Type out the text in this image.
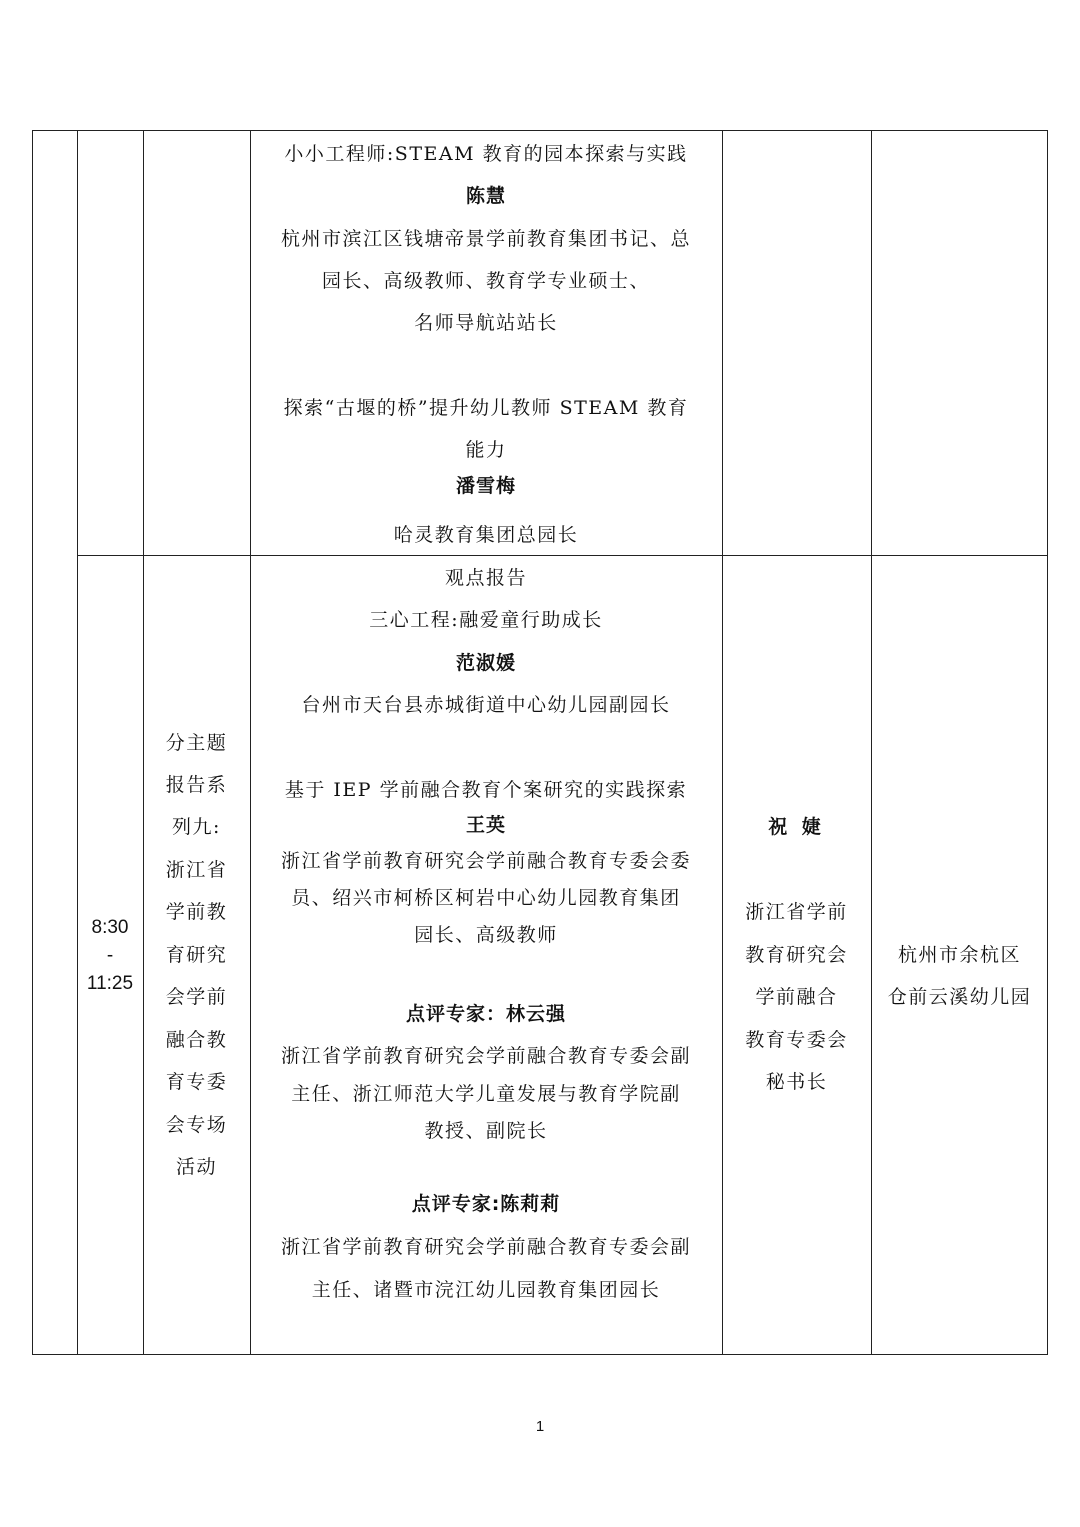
小小工程师:STEAM 教育的园本探索与实践
陈慧
杭州市滨江区钱塘帝景学前教育集团书记、总
园长、高级教师、教育学专业硕士、
名师导航站站长
探索“古堰的桥”提升幼儿教师 STEAM 教育
能力
潘雪梅
哈灵教育集团总园长
8:30
-
11:25
分主题
报告系
列九:
浙江省
学前教
育研究
会学前
融合教
育专委
会专场
活动
观点报告
三心工程:融爱童行助成长
范淑媛
台州市天台县赤城街道中心幼儿园副园长
基于 IEP 学前融合教育个案研究的实践探索
王英
浙江省学前教育研究会学前融合教育专委会委
员、绍兴市柯桥区柯岩中心幼儿园教育集团
园长、高级教师
点评专家：林云强
浙江省学前教育研究会学前融合教育专委会副
主任、浙江师范大学儿童发展与教育学院副
教授、副院长
点评专家:陈莉莉
浙江省学前教育研究会学前融合教育专委会副
主任、诸暨市浣江幼儿园教育集团园长
祝 婕
浙江省学前
教育研究会
学前融合
教育专委会
秘书长
杭州市余杭区
仓前云溪幼儿园
1
